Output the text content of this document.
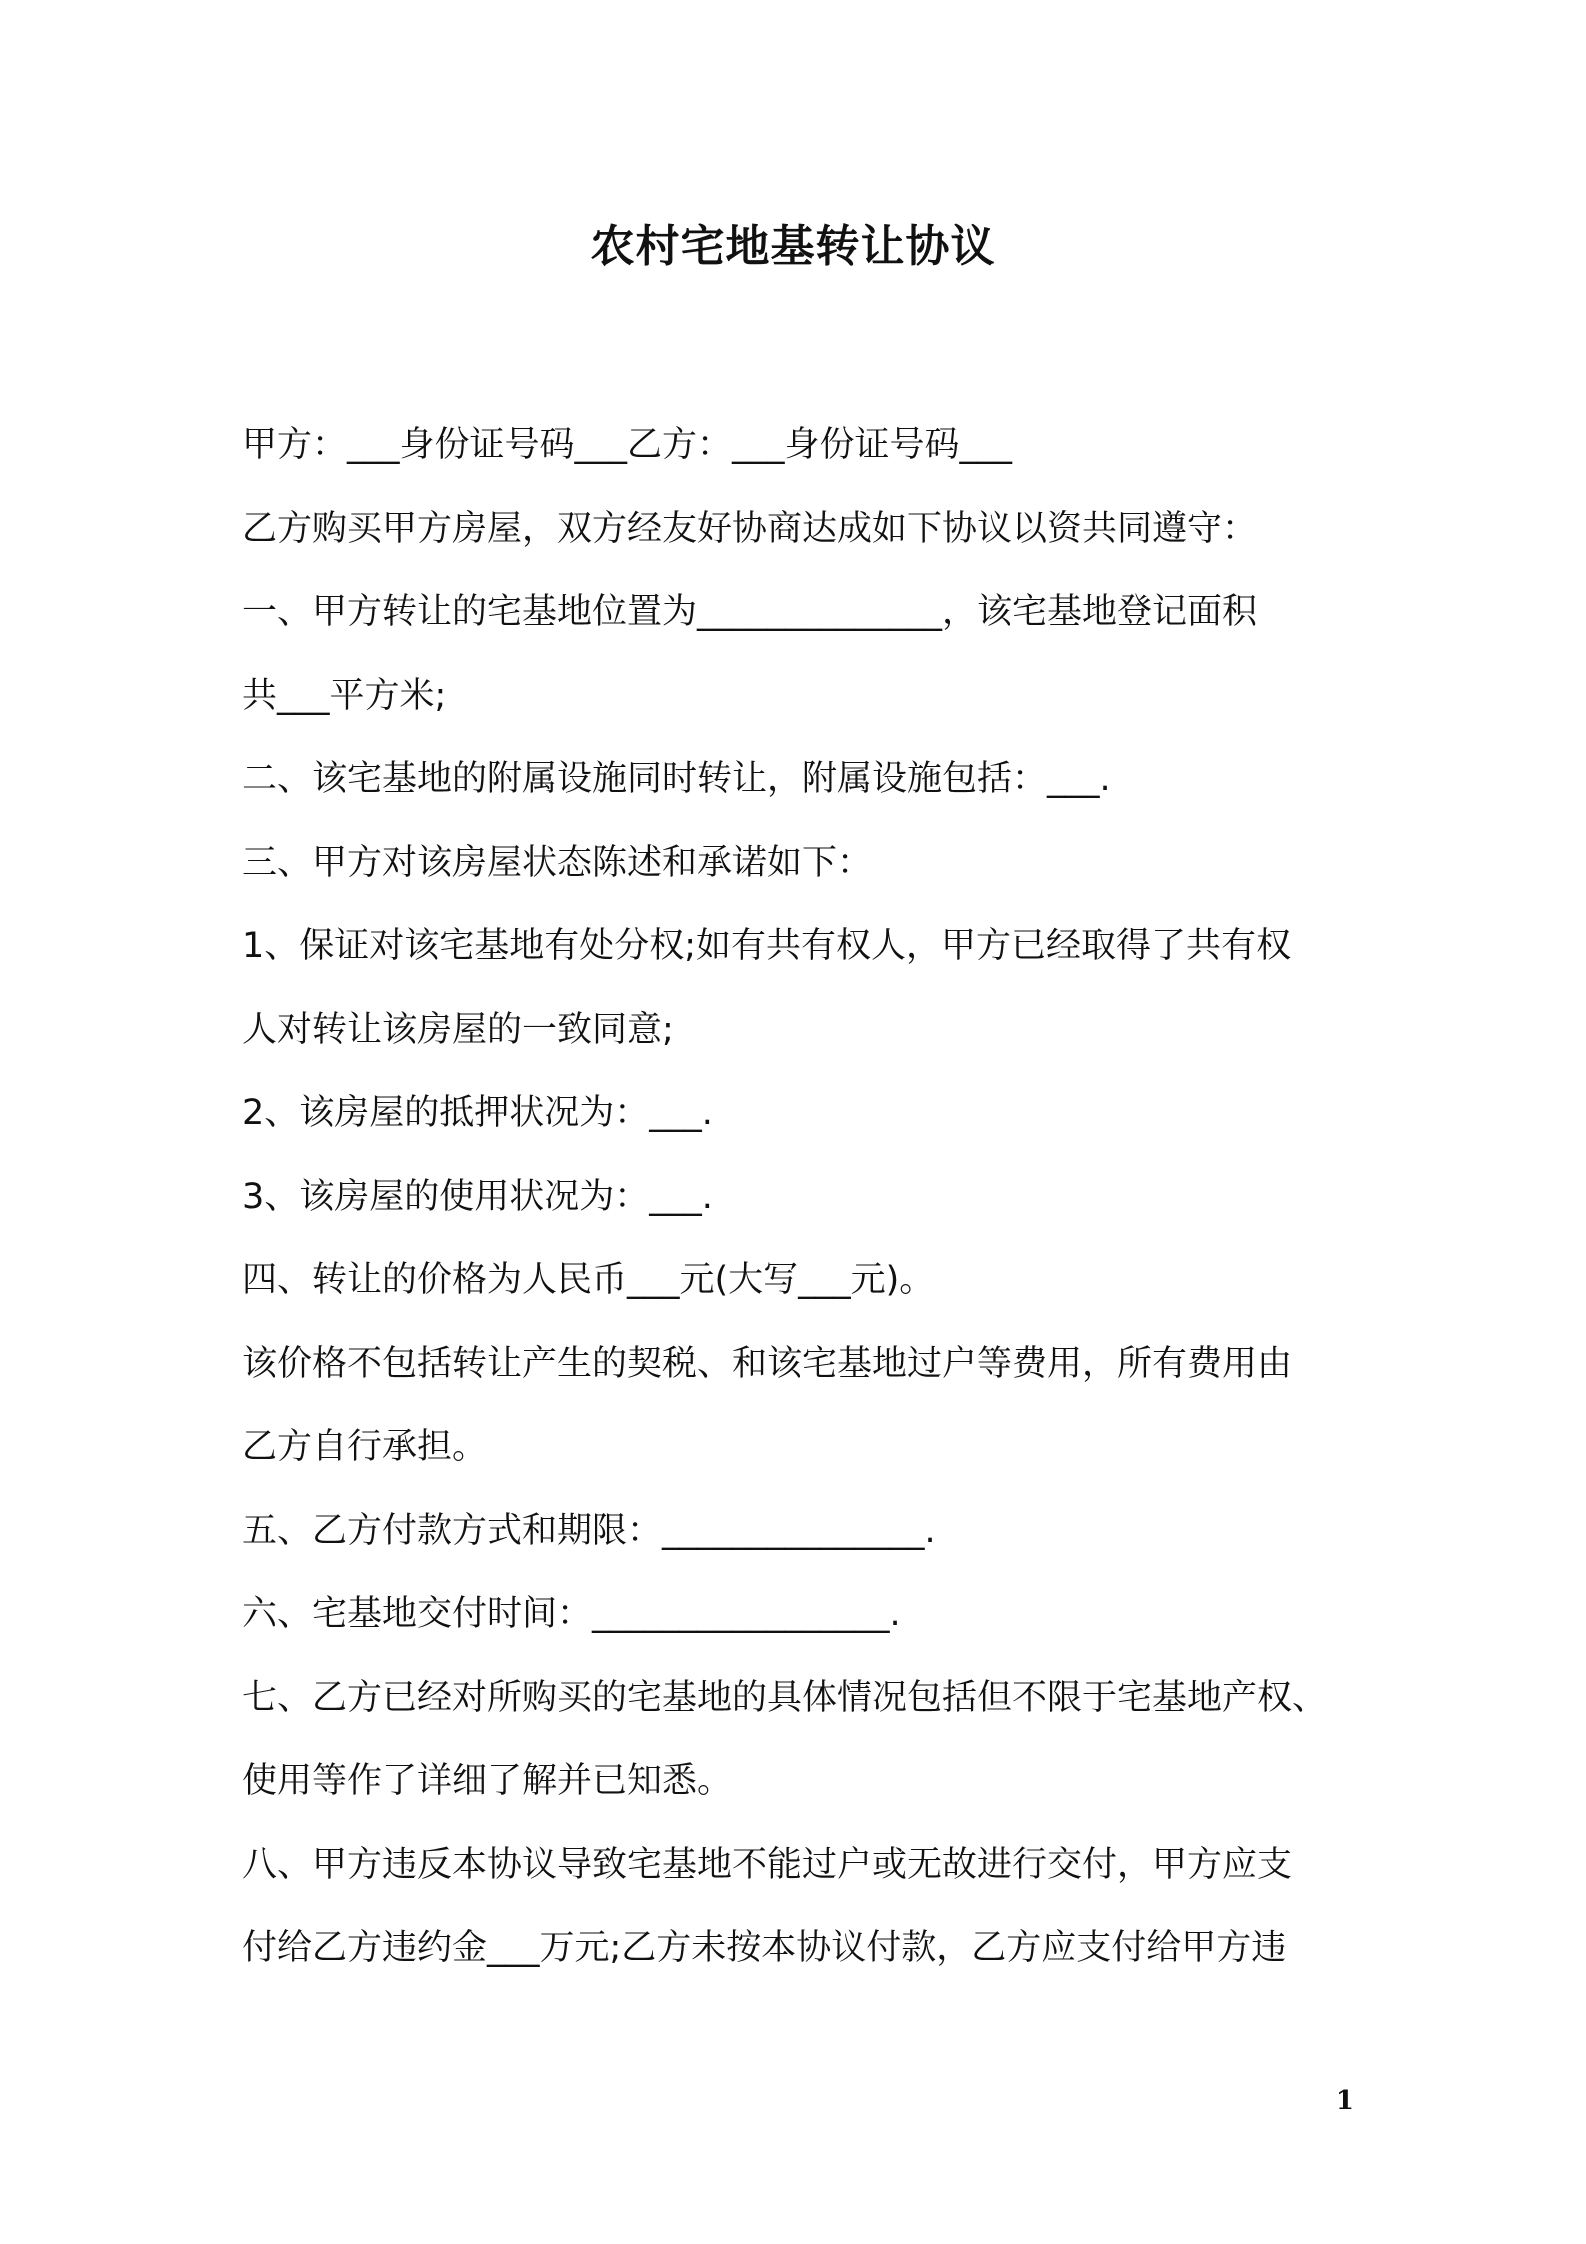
农村宅地基转让协议
甲方：___身份证号码___乙方：___身份证号码___
乙方购买甲方房屋，双方经友好协商达成如下协议以资共同遵守：
一、甲方转让的宅基地位置为______________，该宅基地登记面积
共___平方米;
二、该宅基地的附属设施同时转让，附属设施包括：___.
三、甲方对该房屋状态陈述和承诺如下：
1、保证对该宅基地有处分权;如有共有权人，甲方已经取得了共有权
人对转让该房屋的一致同意;
2、该房屋的抵押状况为：___.
3、该房屋的使用状况为：___.
四、转让的价格为人民币___元(大写___元)。
该价格不包括转让产生的契税、和该宅基地过户等费用，所有费用由
乙方自行承担。
五、乙方付款方式和期限：_______________.
六、宅基地交付时间：_________________.
七、乙方已经对所购买的宅基地的具体情况包括但不限于宅基地产权、
使用等作了详细了解并已知悉。
八、甲方违反本协议导致宅基地不能过户或无故进行交付，甲方应支
付给乙方违约金___万元;乙方未按本协议付款，乙方应支付给甲方违
1
